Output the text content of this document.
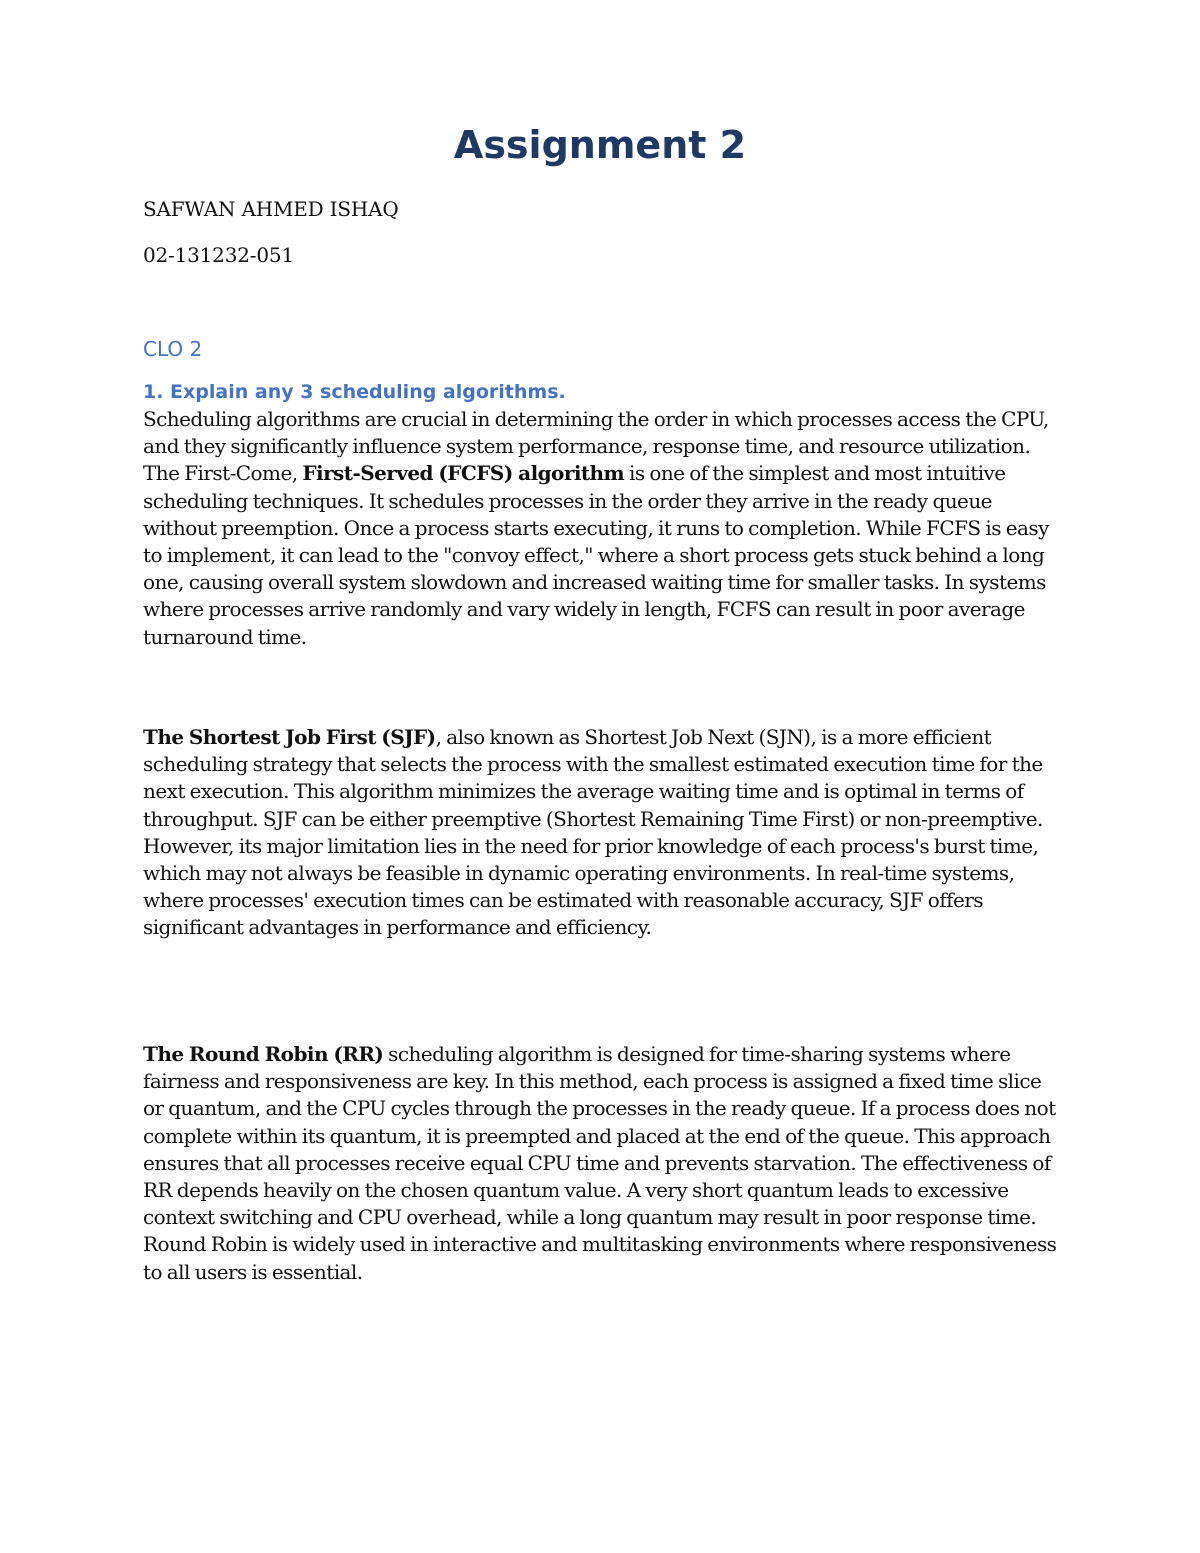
Assignment 2

SAFWAN AHMED ISHAQ

02-131232-051

CLO 2

1. Explain any 3 scheduling algorithms.

Scheduling algorithms are crucial in determining the order in which processes access the CPU, and they significantly influence system performance, response time, and resource utilization. The First-Come, First-Served (FCFS) algorithm is one of the simplest and most intuitive scheduling techniques. It schedules processes in the order they arrive in the ready queue without preemption. Once a process starts executing, it runs to completion. While FCFS is easy to implement, it can lead to the "convoy effect," where a short process gets stuck behind a long one, causing overall system slowdown and increased waiting time for smaller tasks. In systems where processes arrive randomly and vary widely in length, FCFS can result in poor average turnaround time.

The Shortest Job First (SJF), also known as Shortest Job Next (SJN), is a more efficient scheduling strategy that selects the process with the smallest estimated execution time for the next execution. This algorithm minimizes the average waiting time and is optimal in terms of throughput. SJF can be either preemptive (Shortest Remaining Time First) or non-preemptive. However, its major limitation lies in the need for prior knowledge of each process's burst time, which may not always be feasible in dynamic operating environments. In real-time systems, where processes' execution times can be estimated with reasonable accuracy, SJF offers significant advantages in performance and efficiency.

The Round Robin (RR) scheduling algorithm is designed for time-sharing systems where fairness and responsiveness are key. In this method, each process is assigned a fixed time slice or quantum, and the CPU cycles through the processes in the ready queue. If a process does not complete within its quantum, it is preempted and placed at the end of the queue. This approach ensures that all processes receive equal CPU time and prevents starvation. The effectiveness of RR depends heavily on the chosen quantum value. A very short quantum leads to excessive context switching and CPU overhead, while a long quantum may result in poor response time. Round Robin is widely used in interactive and multitasking environments where responsiveness to all users is essential.
